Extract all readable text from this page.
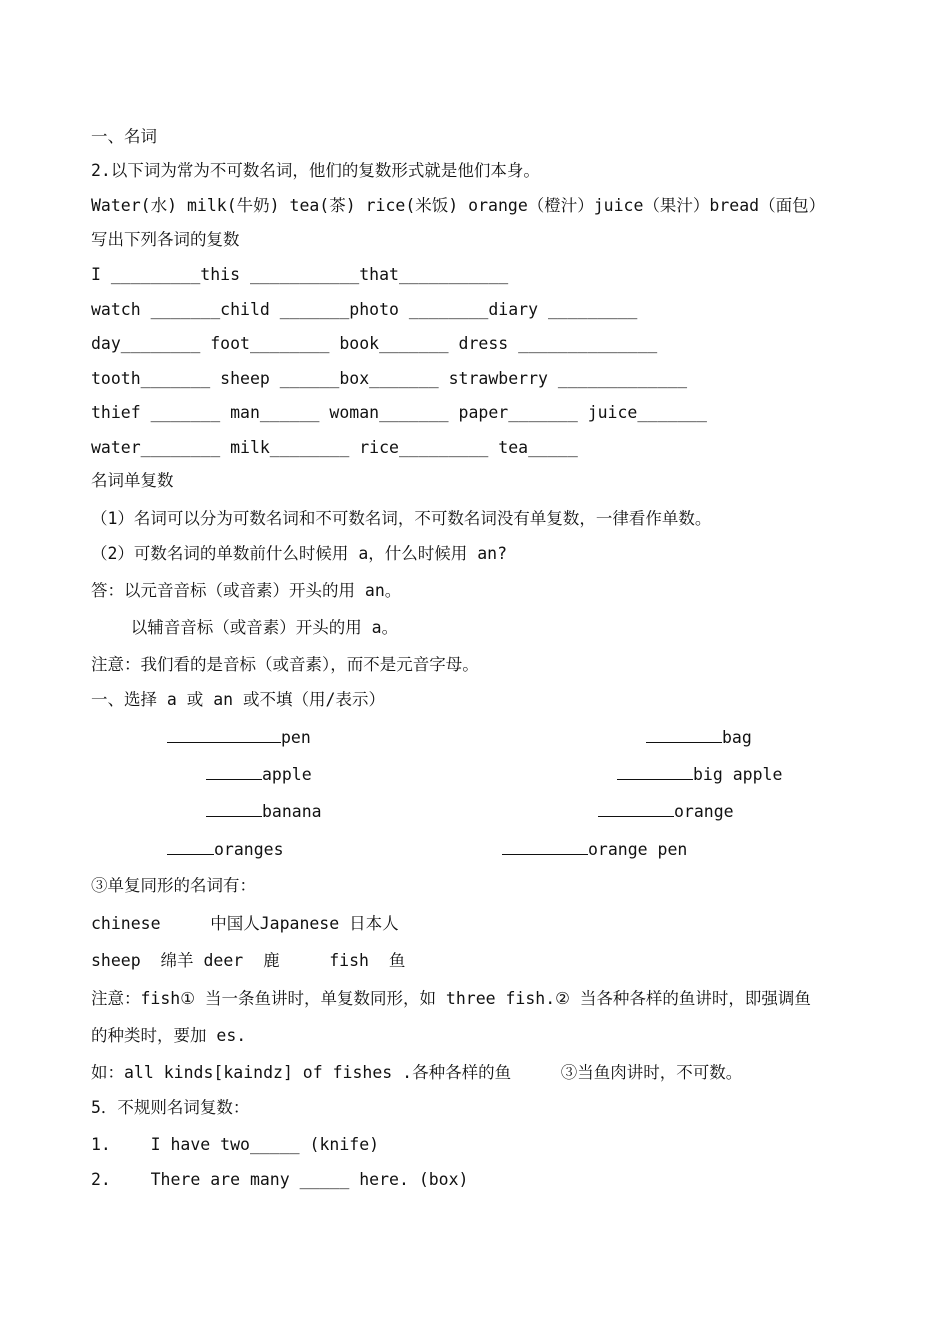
一、名词
2.以下词为常为不可数名词，他们的复数形式就是他们本身。
Water(水) milk(牛奶) tea(茶) rice(米饭) orange（橙汁）juice（果汁）bread（面包）
写出下列各词的复数
I _________this ___________that___________
watch _______child _______photo ________diary _________
day________ foot________ book_______ dress ______________
tooth_______ sheep ______box_______ strawberry _____________
thief _______ man______ woman_______ paper_______ juice_______
water________ milk________ rice_________ tea_____
名词单复数
（1）名词可以分为可数名词和不可数名词，不可数名词没有单复数，一律看作单数。
（2）可数名词的单数前什么时候用 a，什么时候用 an?
答：以元音音标（或音素）开头的用 an。
以辅音音标（或音素）开头的用 a。
注意：我们看的是音标（或音素），而不是元音字母。
一、选择 a 或 an 或不填（用/表示）
pen	bag
apple	big apple
banana	orange
oranges	orange pen
③单复同形的名词有：
chinese     中国人Japanese 日本人
sheep  绵羊 deer  鹿     fish  鱼
注意：fish① 当一条鱼讲时，单复数同形，如 three fish.② 当各种各样的鱼讲时，即强调鱼
的种类时，要加 es.
如：all kinds[kaindz] of fishes .各种各样的鱼     ③当鱼肉讲时，不可数。
5．不规则名词复数：
1.    I have two_____ (knife)
2.    There are many _____ here. (box)
